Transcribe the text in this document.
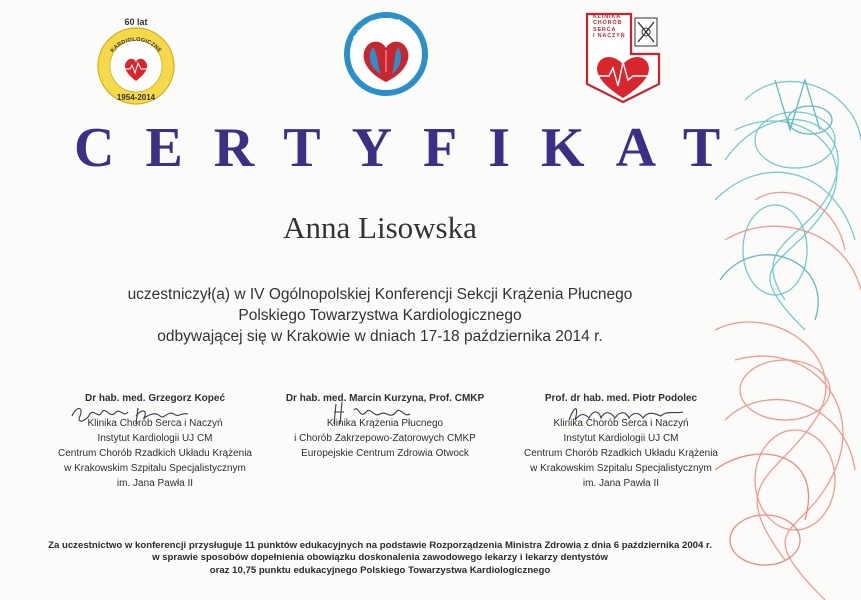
KARDIOLOGICZNE
60 lat
1954-2014
Sekcja Krążenia Płucnego
KLINIKA
CHORÓB
SERCA
I NACZYŃ
CERTYFIKAT
Anna Lisowska

uczestniczył(a) w IV Ogólnopolskiej Konferencji Sekcji Krążenia Płucnego
Polskiego Towarzystwa Kardiologicznego
odbywającej się w Krakowie w dniach 17-18 października 2014 r.

Dr hab. med. Grzegorz Kopeć
Klinika Chorób Serca i Naczyń
Instytut Kardiologii UJ CM
Centrum Chorób Rzadkich Układu Krążenia
w Krakowskim Szpitalu Specjalistycznym
im. Jana Pawła II
Dr hab. med. Marcin Kurzyna, Prof. CMKP
Klinika Krążenia Płucnego
i Chorób Zakrzepowo-Zatorowych CMKP
Europejskie Centrum Zdrowia Otwock
Prof. dr hab. med. Piotr Podolec
Klinika Chorób Serca i Naczyń
Instytut Kardiologii UJ CM
Centrum Chorób Rzadkich Układu Krążenia
w Krakowskim Szpitalu Specjalistycznym
im. Jana Pawła II

Za uczestnictwo w konferencji przysługuje 11 punktów edukacyjnych na podstawie Rozporządzenia Ministra Zdrowia z dnia 6 października 2004 r.
w sprawie sposobów dopełnienia obowiązku doskonalenia zawodowego lekarzy i lekarzy dentystów
oraz 10,75 punktu edukacyjnego Polskiego Towarzystwa Kardiologicznego
